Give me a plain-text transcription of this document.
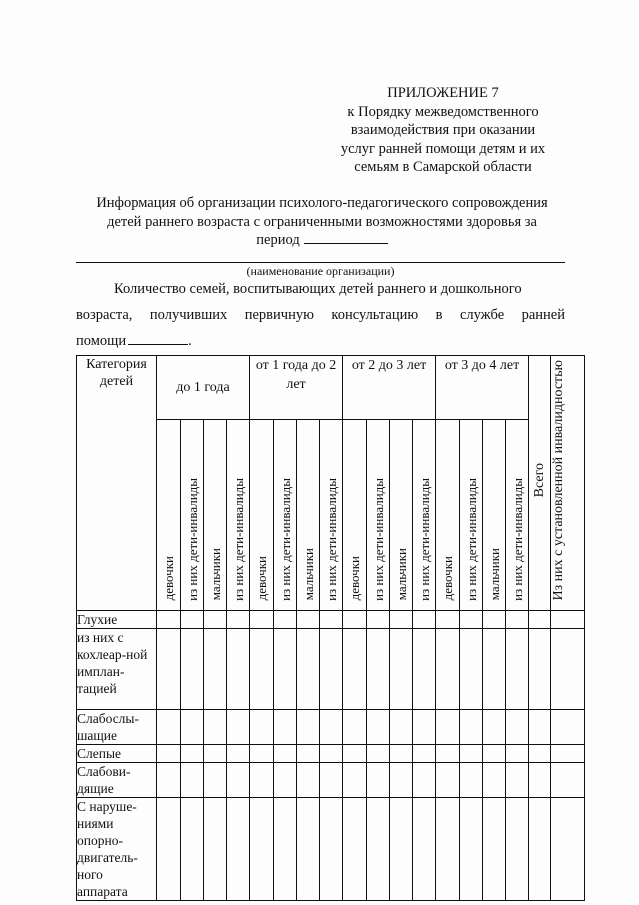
ПРИЛОЖЕНИЕ 7
к Порядку межведомственного
взаимодействия при оказании
услуг ранней помощи детям и их
семьям в Самарской области
Информация об организации психолого-педагогического сопровождения
детей раннего возраста с ограниченными возможностями здоровья за
период
(наименование организации)
Количество семей, воспитывающих детей раннего и дошкольного
возраста, получивших первичную консультацию в службе ранней
помощи	.
Категория детей	до 1 года				от 1 года до 2 лет				от 2 до 3 лет				от 3 до 4 лет				Всего	Из них с установленной инвалидностью
	девочки	из них дети-инвалиды	мальчики	из них дети-инвалиды	девочки	из них дети-инвалиды	мальчики	из них дети-инвалиды	девочки	из них дети-инвалиды	мальчики	из них дети-инвалиды	девочки	из них дети-инвалиды	мальчики	из них дети-инвалиды		
Глухие																		
из них с кохлеар-ной имплан-тацией																		
Слабослы-шащие																		
Слепые																		
Слабови-дящие																		
С наруше-ниями опорно-двигатель-ного аппарата																		
